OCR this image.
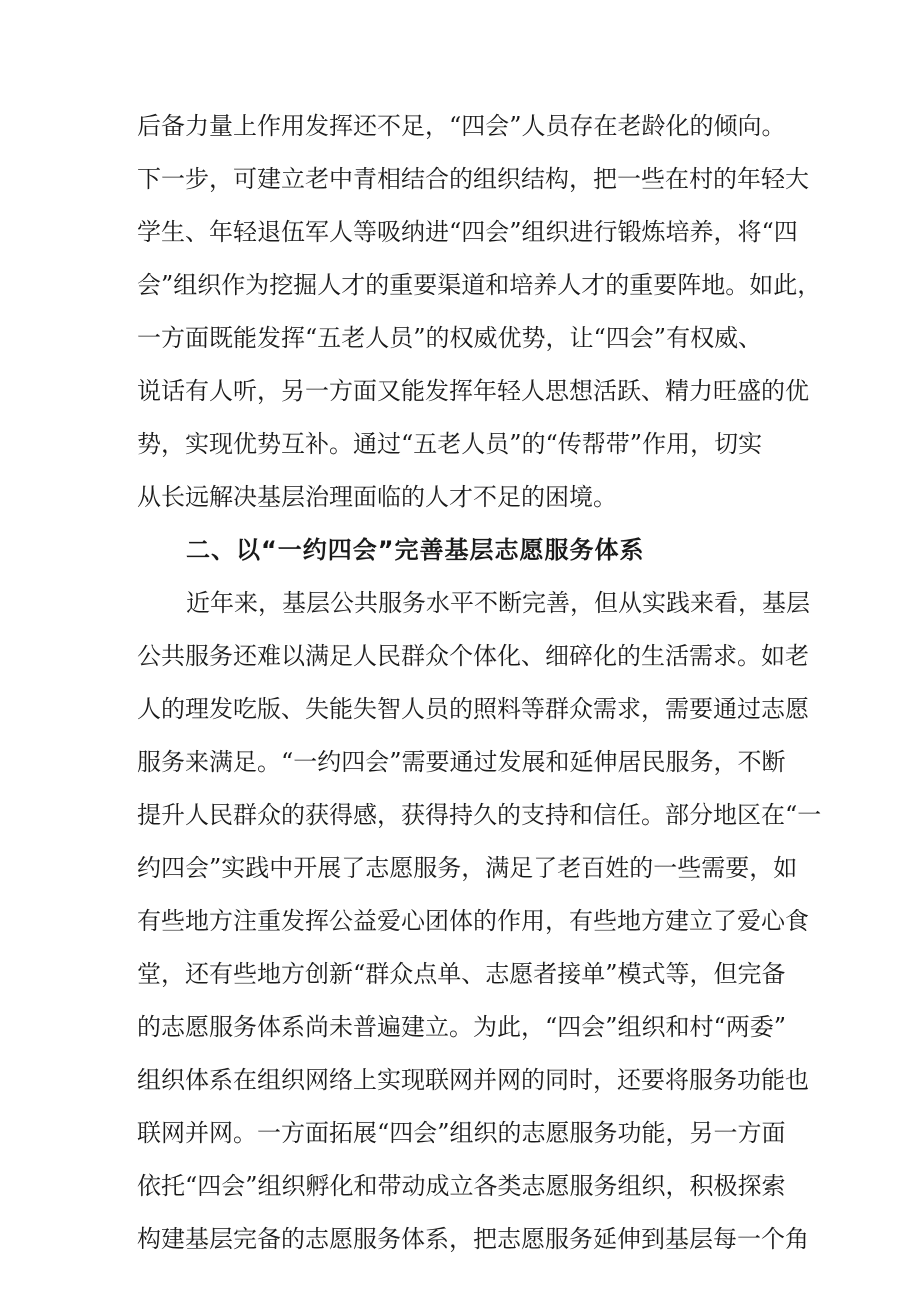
后备力量上作用发挥还不足，“四会”人员存在老龄化的倾向。
下一步，可建立老中青相结合的组织结构，把一些在村的年轻大
学生、年轻退伍军人等吸纳进“四会”组织进行锻炼培养，将“四
会”组织作为挖掘人才的重要渠道和培养人才的重要阵地。如此，
一方面既能发挥“五老人员”的权威优势，让“四会”有权威、
说话有人听，另一方面又能发挥年轻人思想活跃、精力旺盛的优
势，实现优势互补。通过“五老人员”的“传帮带”作用，切实
从长远解决基层治理面临的人才不足的困境。
二、以“一约四会”完善基层志愿服务体系
近年来，基层公共服务水平不断完善，但从实践来看，基层
公共服务还难以满足人民群众个体化、细碎化的生活需求。如老
人的理发吃版、失能失智人员的照料等群众需求，需要通过志愿
服务来满足。“一约四会”需要通过发展和延伸居民服务，不断
提升人民群众的获得感，获得持久的支持和信任。部分地区在“一
约四会”实践中开展了志愿服务，满足了老百姓的一些需要，如
有些地方注重发挥公益爱心团体的作用，有些地方建立了爱心食
堂，还有些地方创新“群众点单、志愿者接单”模式等，但完备
的志愿服务体系尚未普遍建立。为此，“四会”组织和村“两委”
组织体系在组织网络上实现联网并网的同时，还要将服务功能也
联网并网。一方面拓展“四会”组织的志愿服务功能，另一方面
依托“四会”组织孵化和带动成立各类志愿服务组织，积极探索
构建基层完备的志愿服务体系，把志愿服务延伸到基层每一个角
